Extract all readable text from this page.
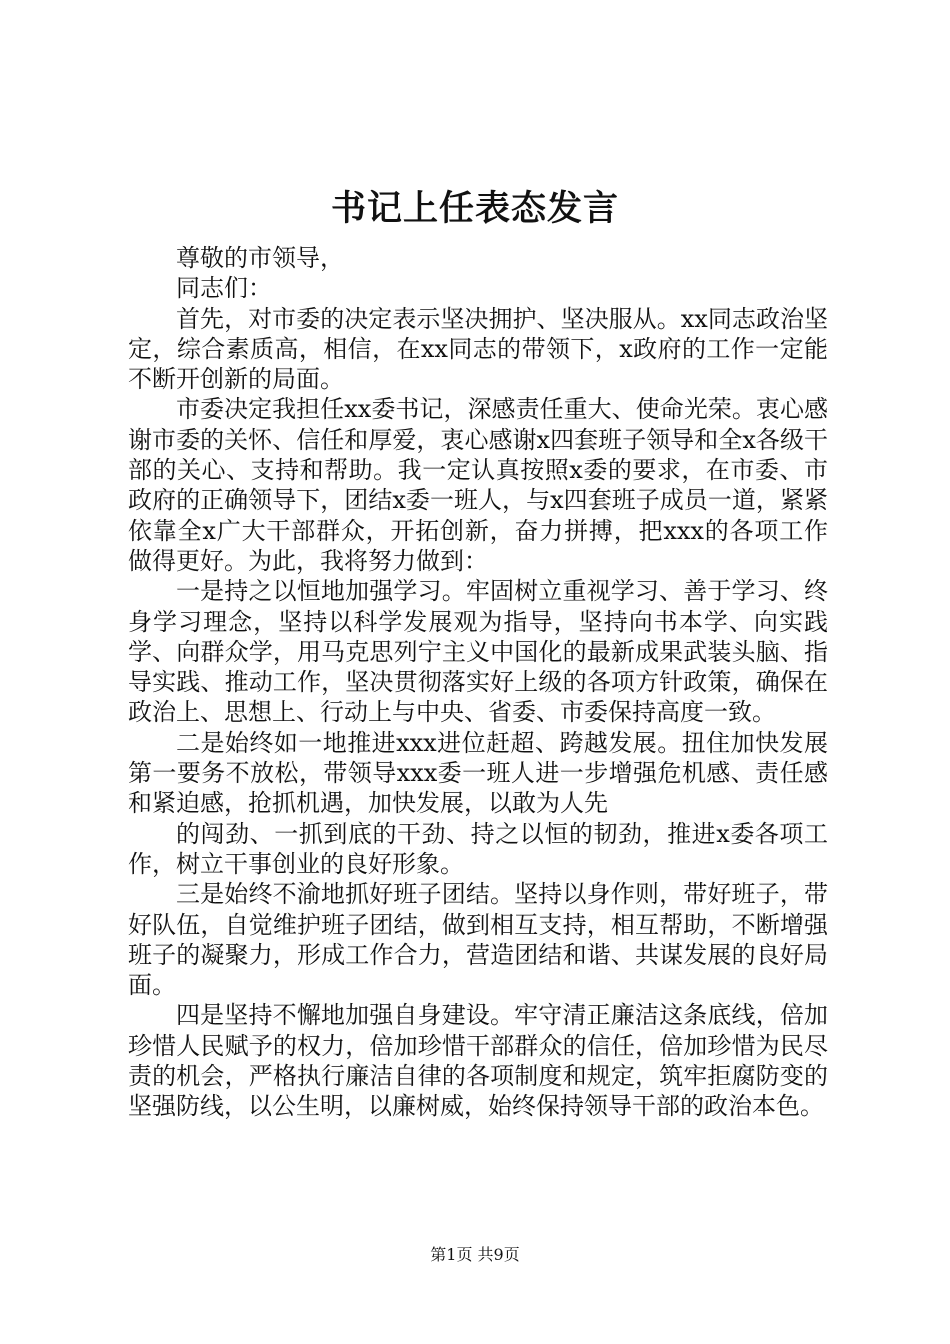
书记上任表态发言

尊敬的市领导，

同志们：

首先，对市委的决定表示坚决拥护、坚决服从。xx同志政治坚定，综合素质高，相信，在xx同志的带领下，x政府的工作一定能不断开创新的局面。

市委决定我担任xx委书记，深感责任重大、使命光荣。衷心感谢市委的关怀、信任和厚爱，衷心感谢x四套班子领导和全x各级干部的关心、支持和帮助。我一定认真按照x委的要求，在市委、市政府的正确领导下，团结x委一班人，与x四套班子成员一道，紧紧依靠全x广大干部群众，开拓创新，奋力拼搏，把xxx的各项工作做得更好。为此，我将努力做到：

一是持之以恒地加强学习。牢固树立重视学习、善于学习、终身学习理念，坚持以科学发展观为指导，坚持向书本学、向实践学、向群众学，用马克思列宁主义中国化的最新成果武装头脑、指导实践、推动工作，坚决贯彻落实好上级的各项方针政策，确保在政治上、思想上、行动上与中央、省委、市委保持高度一致。

二是始终如一地推进xxx进位赶超、跨越发展。扭住加快发展第一要务不放松，带领导xxx委一班人进一步增强危机感、责任感和紧迫感，抢抓机遇，加快发展，以敢为人先

的闯劲、一抓到底的干劲、持之以恒的韧劲，推进x委各项工作，树立干事创业的良好形象。

三是始终不渝地抓好班子团结。坚持以身作则，带好班子，带好队伍，自觉维护班子团结，做到相互支持，相互帮助，不断增强班子的凝聚力，形成工作合力，营造团结和谐、共谋发展的良好局面。

四是坚持不懈地加强自身建设。牢守清正廉洁这条底线，倍加珍惜人民赋予的权力，倍加珍惜干部群众的信任，倍加珍惜为民尽责的机会，严格执行廉洁自律的各项制度和规定，筑牢拒腐防变的坚强防线，以公生明，以廉树威，始终保持领导干部的政治本色。

第1页 共9页
